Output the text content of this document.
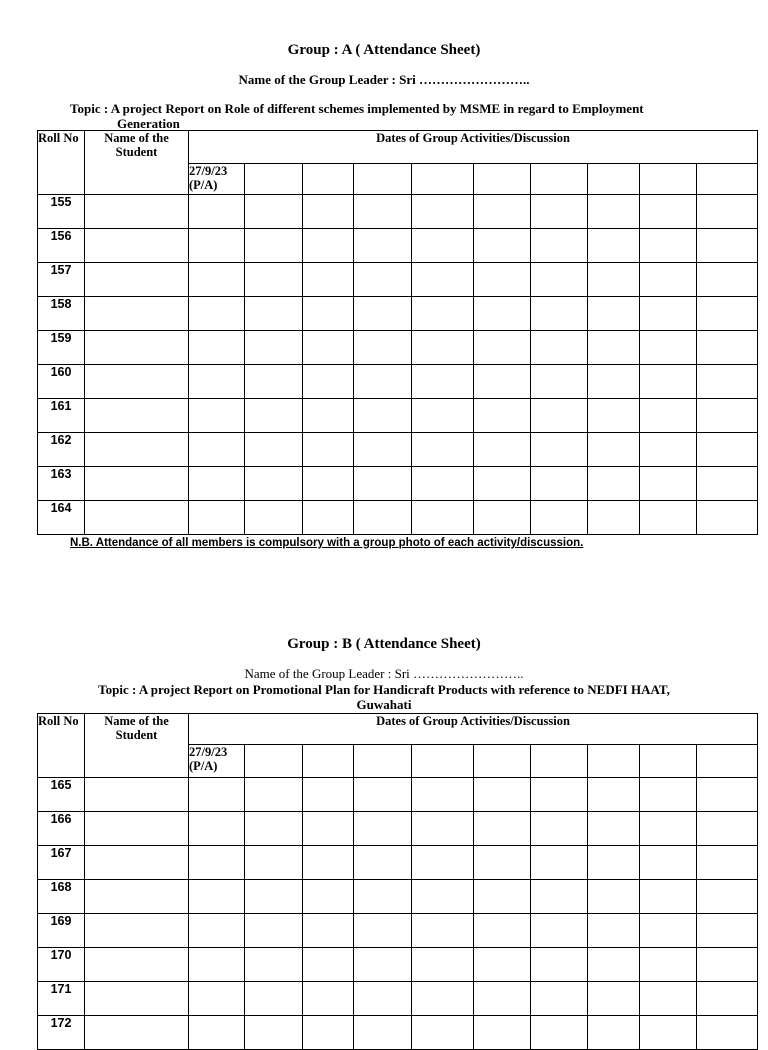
Group : A ( Attendance Sheet)
Name of the Group Leader : Sri ……………………..
Topic : A project Report on Role of different schemes implemented by MSME in regard to Employment
Generation
Roll No	Name of the Student	Dates of Group Activities/Discussion									
		27/9/23 (P/A)									
155											
156											
157											
158											
159											
160											
161											
162											
163											
164											
N.B. Attendance of all members is compulsory with a group photo of each activity/discussion.
Group : B ( Attendance Sheet)
Name of the Group Leader : Sri ……………………..
Topic : A project Report on Promotional Plan for Handicraft Products with reference to NEDFI HAAT,
Guwahati
Roll No	Name of the Student	Dates of Group Activities/Discussion									
		27/9/23 (P/A)									
165											
166											
167											
168											
169											
170											
171											
172											
